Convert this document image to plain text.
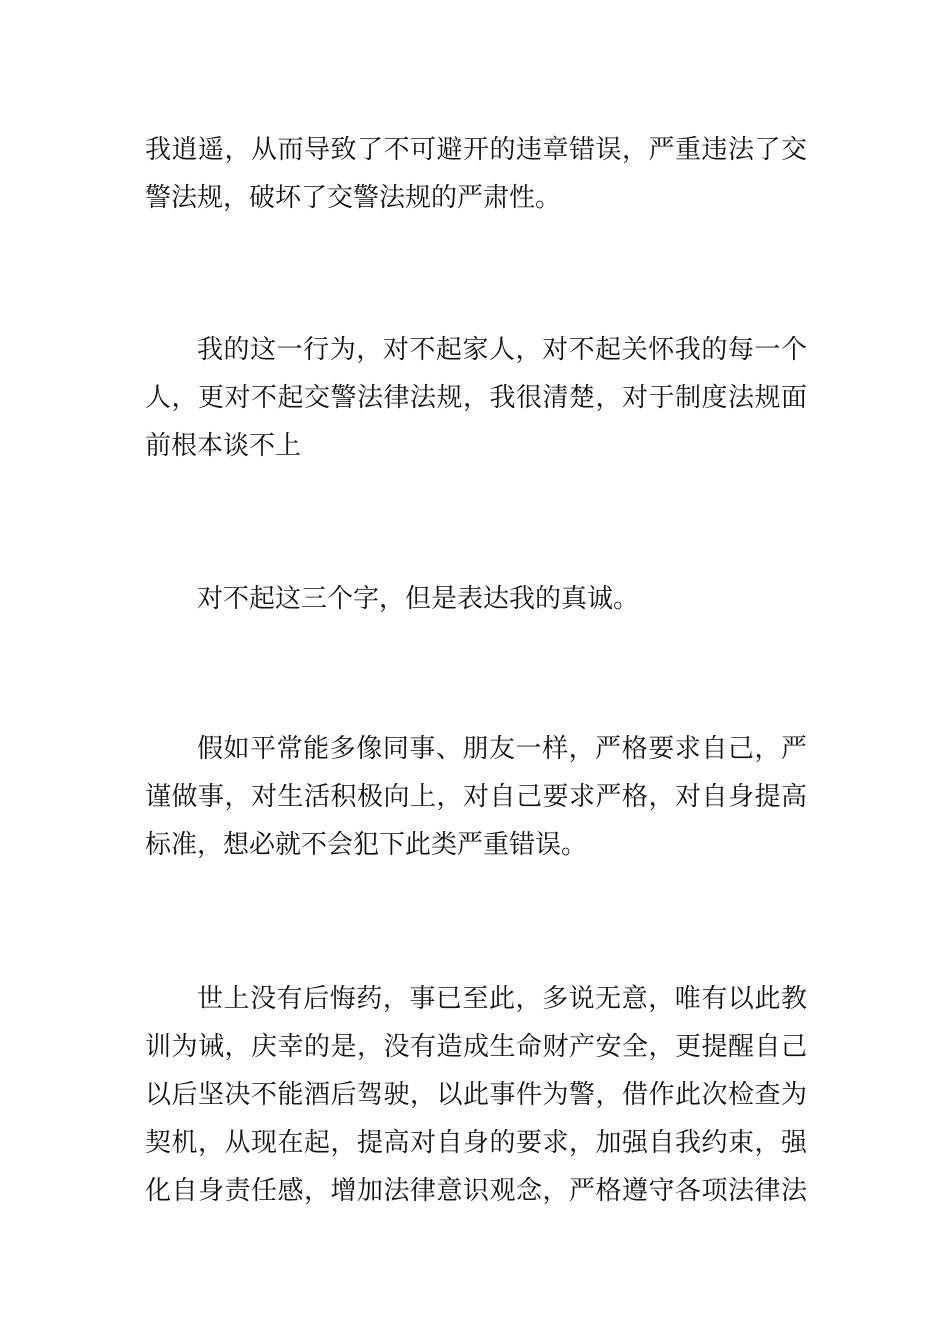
我逍遥，从而导致了不可避开的违章错误，严重违法了交
警法规，破坏了交警法规的严肃性。
我的这一行为，对不起家人，对不起关怀我的每一个
人，更对不起交警法律法规，我很清楚，对于制度法规面
前根本谈不上
对不起这三个字，但是表达我的真诚。
假如平常能多像同事、朋友一样，严格要求自己，严
谨做事，对生活积极向上，对自己要求严格，对自身提高
标准，想必就不会犯下此类严重错误。
世上没有后悔药，事已至此，多说无意，唯有以此教
训为诫，庆幸的是，没有造成生命财产安全，更提醒自己
以后坚决不能酒后驾驶，以此事件为警，借作此次检查为
契机，从现在起，提高对自身的要求，加强自我约束，强
化自身责任感，增加法律意识观念，严格遵守各项法律法
